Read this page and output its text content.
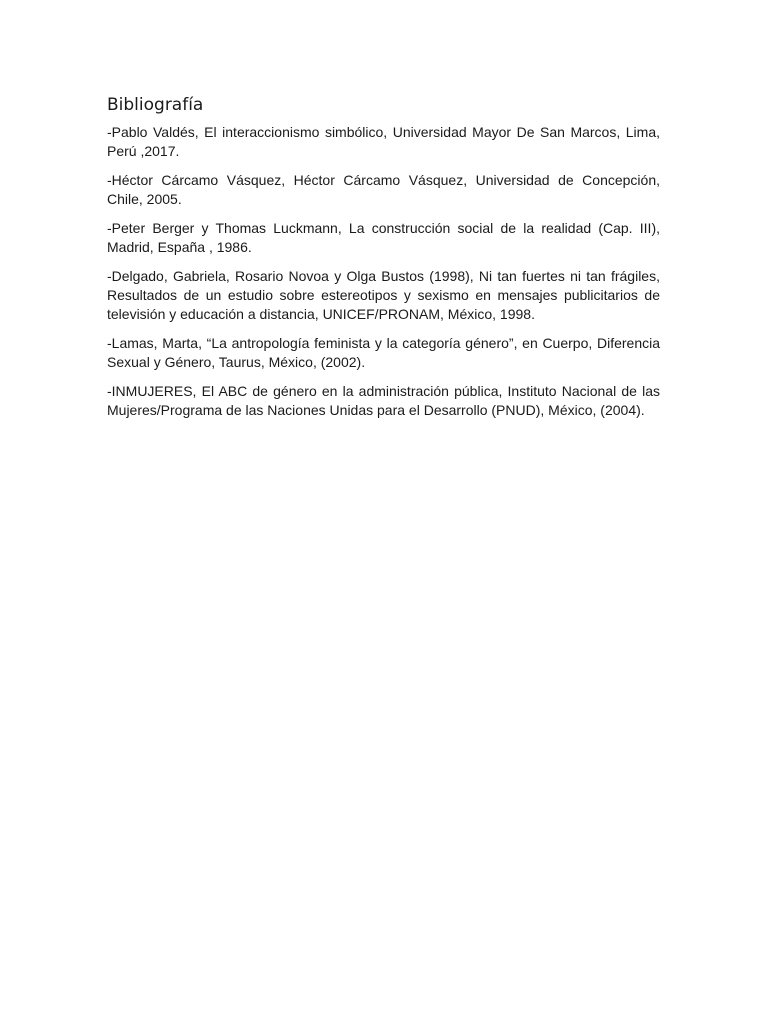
Bibliografía

-Pablo Valdés, El interaccionismo simbólico, Universidad Mayor De San Marcos, Lima, Perú ,2017.

-Héctor Cárcamo Vásquez, Héctor Cárcamo Vásquez, Universidad de Concepción, Chile, 2005.

-Peter Berger y Thomas Luckmann, La construcción social de la realidad (Cap. III), Madrid, España , 1986.

-Delgado, Gabriela, Rosario Novoa y Olga Bustos (1998), Ni tan fuertes ni tan frágiles, Resultados de un estudio sobre estereotipos y sexismo en mensajes publicitarios de televisión y educación a distancia, UNICEF/PRONAM, México, 1998.

-Lamas, Marta, “La antropología feminista y la categoría género”, en Cuerpo, Diferencia Sexual y Género, Taurus, México, (2002).

-INMUJERES, El ABC de género en la administración pública, Instituto Nacional de las Mujeres/Programa de las Naciones Unidas para el Desarrollo (PNUD), México, (2004).
